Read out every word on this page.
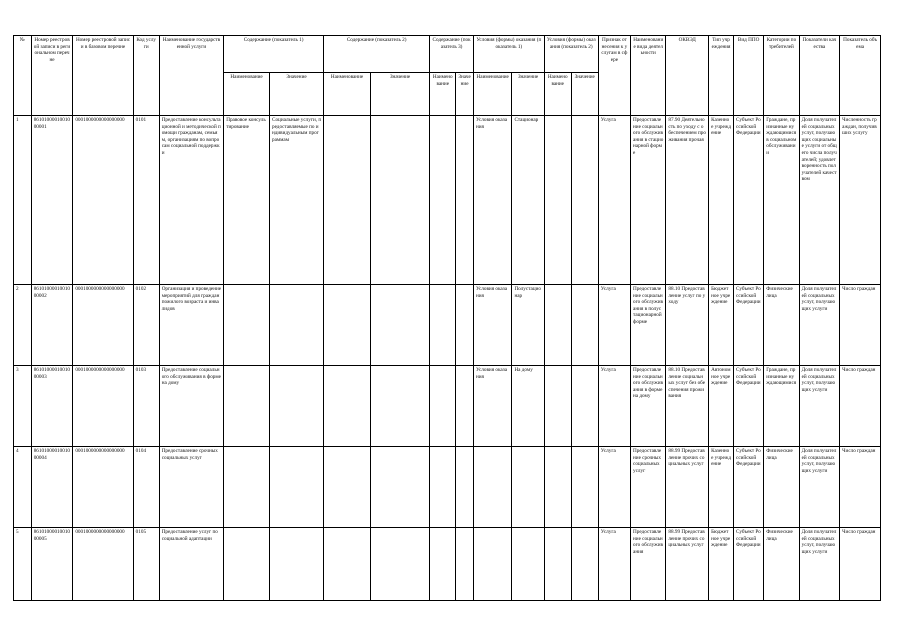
№	Номер реестровой записи в региональном перечне	Номер реестровой записи в базовом перечне	Код услуги	Наименование государственной услуги	Содержание (показатель 1)		Содержание (показатель 2)		Содержание (показатель 3)		Условия (формы) оказания (показатель 1)		Условия (формы) оказания (показатель 2)		Признак отнесения к услугам в сфере	Наименование вида деятельности	ОКВЭД	Тип учреждения	Вид ППО	Категории потребителей	Показатели качества	Показатель объема
					Наименование	Значение	Наименование	Значение	Наименование	Значение	Наименование	Значение	Наименование	Значение								
1	8610100001001000001	0001000000000000000	0101	Предоставление консультационной и методической помощи гражданам, семьям, организациям по вопросам социальной поддержки	Правовое консультирование	Социальные услуги, предоставляемые по индивидуальным программам					Условия оказания	Стационар			Услуга	Предоставление социального обслуживания в стационарной форме	87.90 Деятельность по уходу с обеспечением проживания прочая	Казенное учреждение	Субъект Российской Федерации	Граждане, признанные нуждающимися в социальном обслуживании	Доля получателей социальных услуг, получающих социальные услуги от общего числа получателей; удовлетворенность получателей качеством	Численность граждан, получивших услугу
2	8610100001001000002	0001000000000000000	0102	Организация и проведение мероприятий для граждан пожилого возраста и инвалидов							Условия оказания	Полустационар			Услуга	Предоставление социального обслуживания в полустационарной форме	88.10 Предоставление услуг по уходу	Бюджетное учреждение	Субъект Российской Федерации	Физические лица	Доля получателей социальных услуг, получающих услуги	Число граждан
3	8610100001001000003	0001000000000000000	0103	Предоставление социального обслуживания в форме на дому							Условия оказания	На дому			Услуга	Предоставление социального обслуживания в форме на дому	88.10 Предоставление социальных услуг без обеспечения проживания	Автономное учреждение	Субъект Российской Федерации	Граждане, признанные нуждающимися	Доля получателей социальных услуг, получающих услуги	Число граждан
4	8610100001001000004	0001000000000000000	0104	Предоставление срочных социальных услуг											Услуга	Предоставление срочных социальных услуг	88.99 Предоставление прочих социальных услуг	Казенное учреждение	Субъект Российской Федерации	Физические лица	Доля получателей социальных услуг, получающих услуги	Число граждан
5	8610100001001000005	0001000000000000000	0105	Предоставление услуг по социальной адаптации											Услуга	Предоставление социального обслуживания	88.99 Предоставление прочих социальных услуг	Бюджетное учреждение	Субъект Российской Федерации	Физические лица	Доля получателей социальных услуг, получающих услуги	Число граждан
